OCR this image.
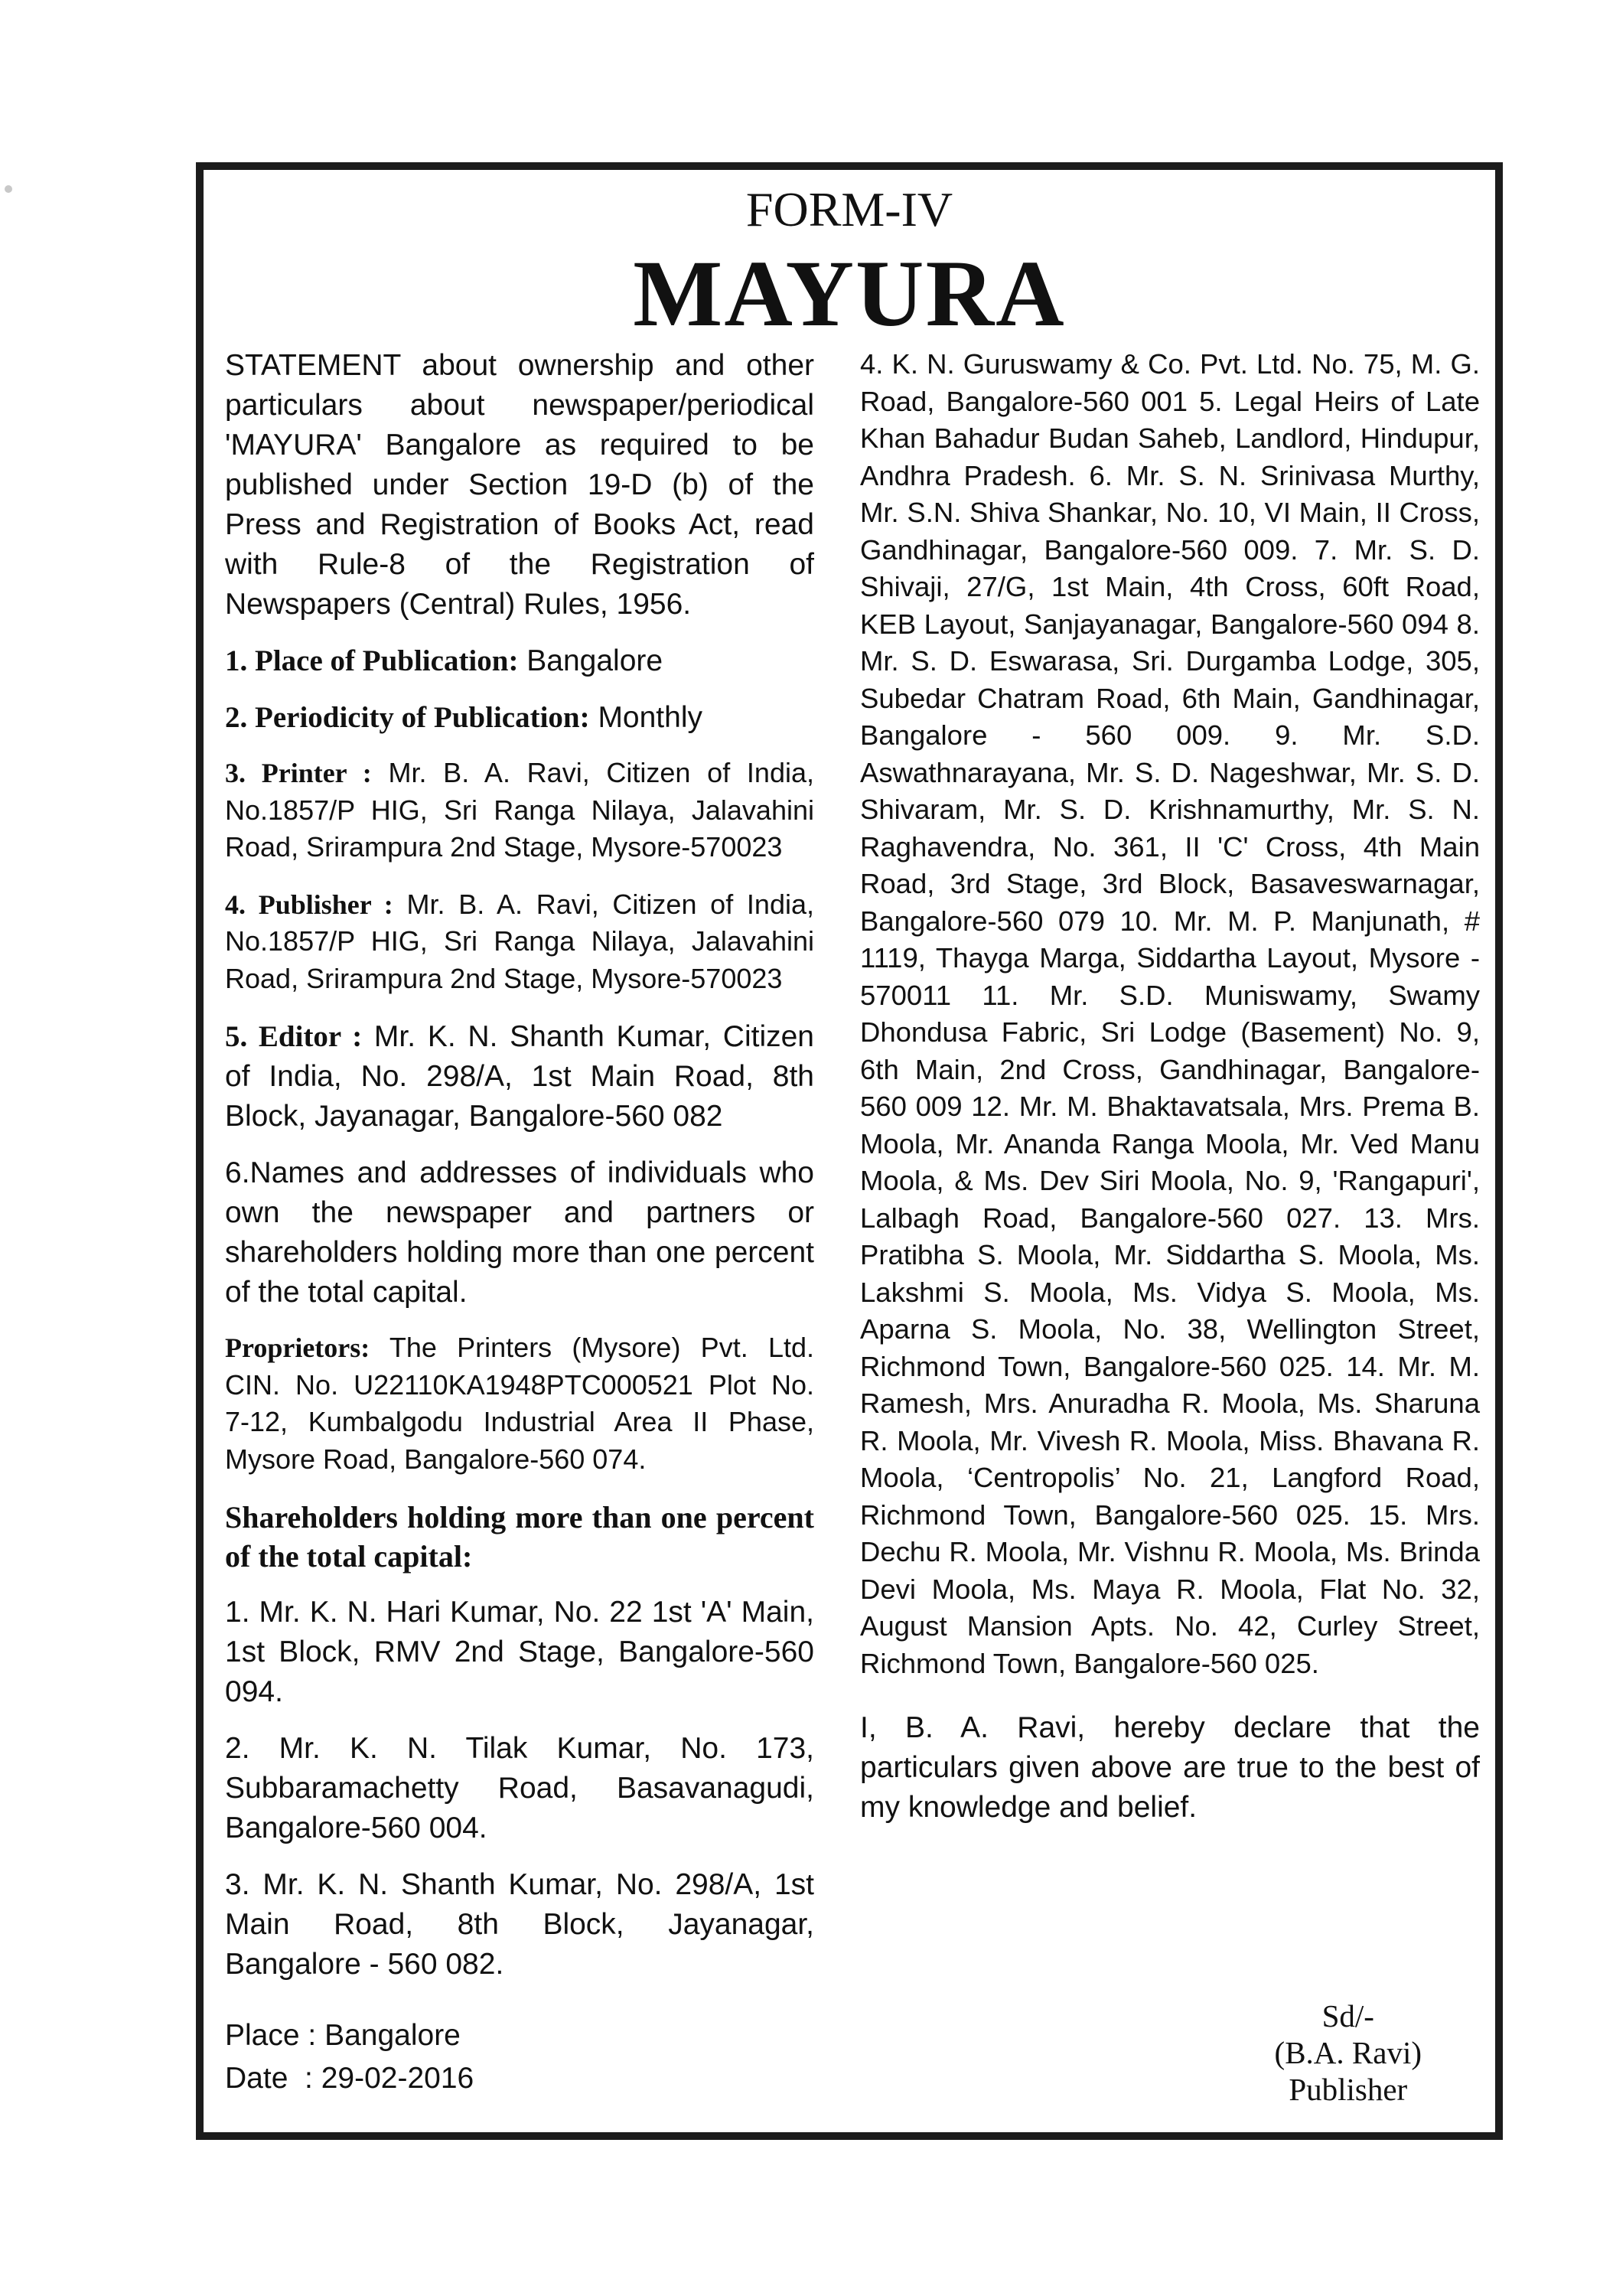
FORM-IV
MAYURA

STATEMENT about ownership and other particulars about newspaper/periodical 'MAYURA' Bangalore as required to be published under Section 19-D (b) of the Press and Registration of Books Act, read with Rule-8 of the Registration of Newspapers (Central) Rules, 1956.

1. Place of Publication: Bangalore

2. Periodicity of Publication: Monthly

3. Printer : Mr. B. A. Ravi, Citizen of India, No.1857/P HIG, Sri Ranga Nilaya, Jalavahini Road, Srirampura 2nd Stage, Mysore-570023

4. Publisher : Mr. B. A. Ravi, Citizen of India, No.1857/P HIG, Sri Ranga Nilaya, Jalavahini Road, Srirampura 2nd Stage, Mysore-570023

5. Editor : Mr. K. N. Shanth Kumar, Citizen of India, No. 298/A, 1st Main Road, 8th Block, Jayanagar, Bangalore-560 082

6.Names and addresses of individuals who own the newspaper and partners or shareholders holding more than one percent of the total capital.

Proprietors: The Printers (Mysore) Pvt. Ltd. CIN. No. U22110KA1948PTC000521 Plot No. 7-12, Kumbalgodu Industrial Area II Phase, Mysore Road, Bangalore-560 074.

Shareholders holding more than one percent of the total capital:

1. Mr. K. N. Hari Kumar, No. 22 1st 'A' Main, 1st Block, RMV 2nd Stage, Bangalore-560 094.

2. Mr. K. N. Tilak Kumar, No. 173, Subbaramachetty Road, Basavanagudi, Bangalore-560 004.

3. Mr. K. N. Shanth Kumar, No. 298/A, 1st Main Road, 8th Block, Jayanagar, Bangalore - 560 082.

4. K. N. Guruswamy & Co. Pvt. Ltd. No. 75, M. G. Road, Bangalore-560 001 5. Legal Heirs of Late Khan Bahadur Budan Saheb, Landlord, Hindupur, Andhra Pradesh. 6. Mr. S. N. Srinivasa Murthy, Mr. S.N. Shiva Shankar, No. 10, VI Main, II Cross, Gandhinagar, Bangalore-560 009. 7. Mr. S. D. Shivaji, 27/G, 1st Main, 4th Cross, 60ft Road, KEB Layout, Sanjayanagar, Bangalore-560 094 8. Mr. S. D. Eswarasa, Sri. Durgamba Lodge, 305, Subedar Chatram Road, 6th Main, Gandhinagar, Bangalore - 560 009. 9. Mr. S.D. Aswathnarayana, Mr. S. D. Nageshwar, Mr. S. D. Shivaram, Mr. S. D. Krishnamurthy, Mr. S. N. Raghavendra, No. 361, II 'C' Cross, 4th Main Road, 3rd Stage, 3rd Block, Basaveswarnagar, Bangalore-560 079 10. Mr. M. P. Manjunath, # 1119, Thayga Marga, Siddartha Layout, Mysore - 570011 11. Mr. S.D. Muniswamy, Swamy Dhondusa Fabric, Sri Lodge (Basement) No. 9, 6th Main, 2nd Cross, Gandhinagar, Bangalore-560 009 12. Mr. M. Bhaktavatsala, Mrs. Prema B. Moola, Mr. Ananda Ranga Moola, Mr. Ved Manu Moola, & Ms. Dev Siri Moola, No. 9, 'Rangapuri', Lalbagh Road, Bangalore-560 027. 13. Mrs. Pratibha S. Moola, Mr. Siddartha S. Moola, Ms. Lakshmi S. Moola, Ms. Vidya S. Moola, Ms. Aparna S. Moola, No. 38, Wellington Street, Richmond Town, Bangalore-560 025. 14. Mr. M. Ramesh, Mrs. Anuradha R. Moola, Ms. Sharuna R. Moola, Mr. Vivesh R. Moola, Miss. Bhavana R. Moola, ‘Centropolis’ No. 21, Langford Road, Richmond Town, Bangalore-560 025. 15. Mrs. Dechu R. Moola, Mr. Vishnu R. Moola, Ms. Brinda Devi Moola, Ms. Maya R. Moola, Flat No. 32, August Mansion Apts. No. 42, Curley Street, Richmond Town, Bangalore-560 025.

I, B. A. Ravi, hereby declare that the particulars given above are true to the best of my knowledge and belief.

Place : Bangalore
Date  : 29-02-2016
Sd/-
(B.A. Ravi)
Publisher
